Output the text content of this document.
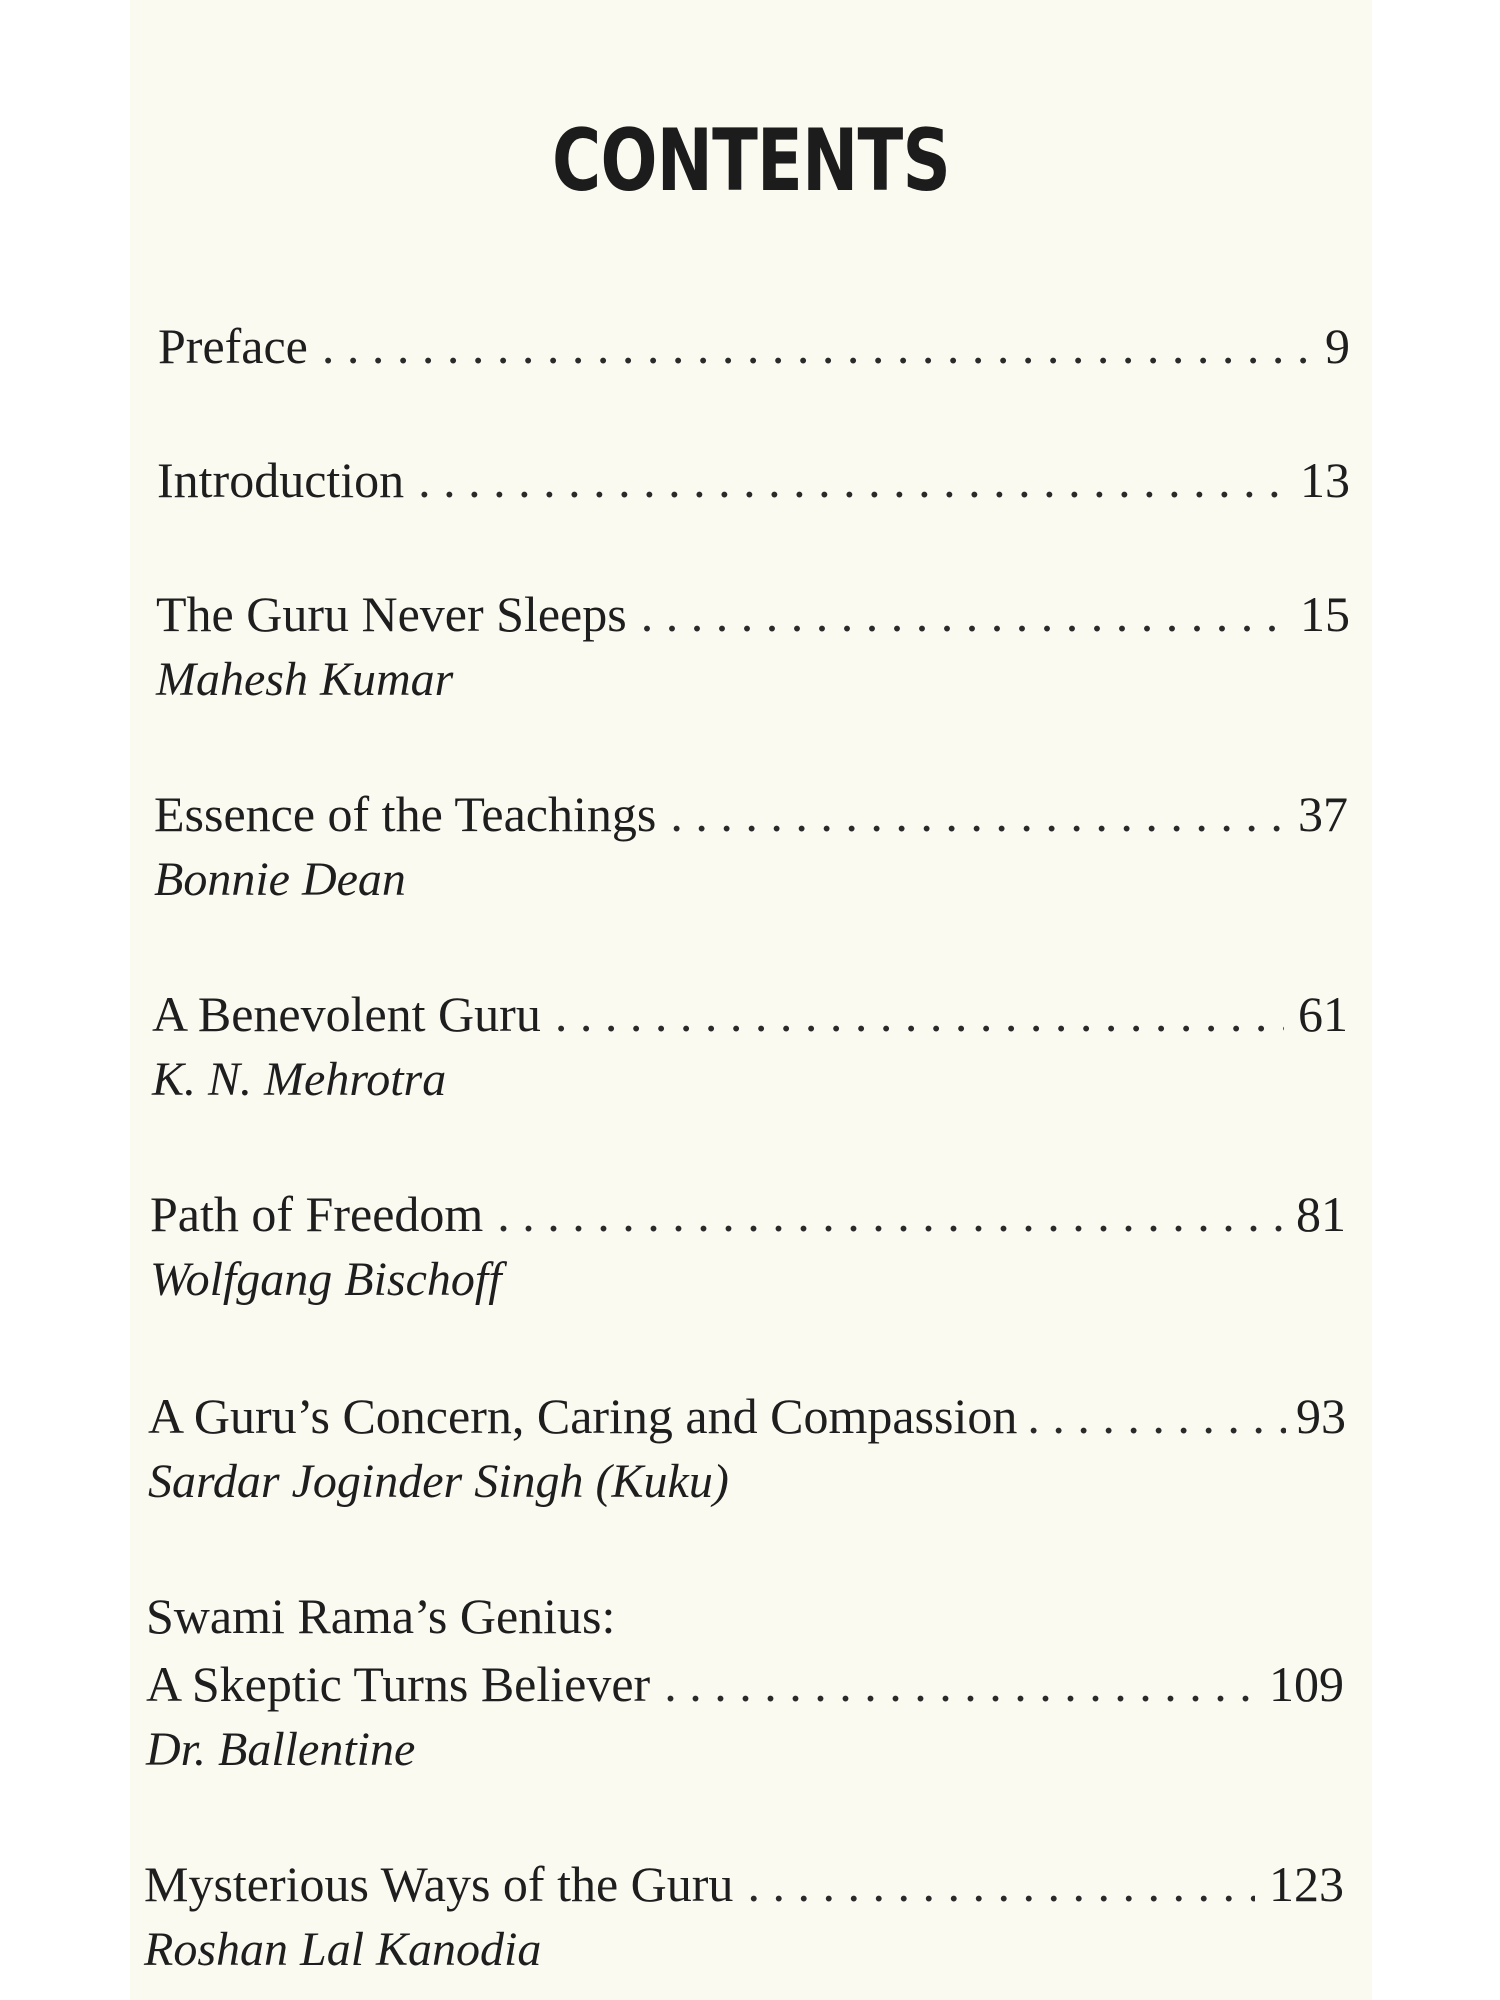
CONTENTS
Preface . . .	9
Introduction . . .	13
The Guru Never Sleeps . . .	15
Mahesh Kumar
Essence of the Teachings . . .	37
Bonnie Dean
A Benevolent Guru . . .	61
K. N. Mehrotra
Path of Freedom . . .	81
Wolfgang Bischoff
A Guru’s Concern, Caring and Compassion . . .	93
Sardar Joginder Singh (Kuku)
Swami Rama’s Genius:
A Skeptic Turns Believer . . .	109
Dr. Ballentine
Mysterious Ways of the Guru . . .	123
Roshan Lal Kanodia
